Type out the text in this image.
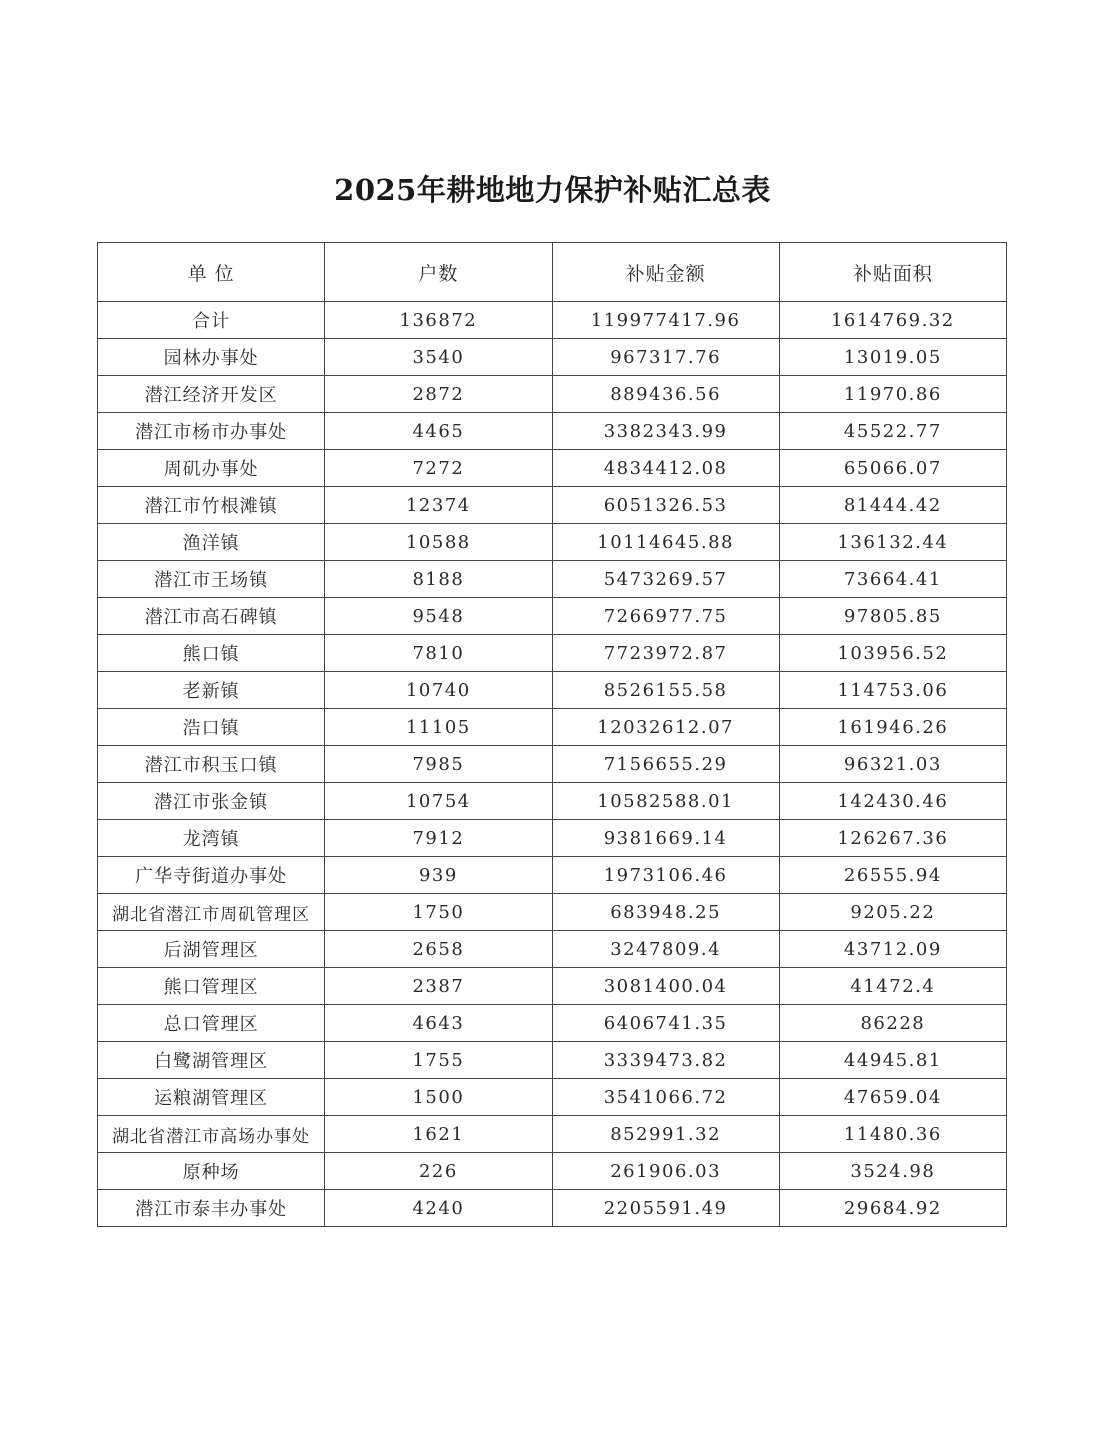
2025年耕地地力保护补贴汇总表
单 位	户数	补贴金额	补贴面积
合计	136872	119977417.96	1614769.32
园林办事处	3540	967317.76	13019.05
潜江经济开发区	2872	889436.56	11970.86
潜江市杨市办事处	4465	3382343.99	45522.77
周矶办事处	7272	4834412.08	65066.07
潜江市竹根滩镇	12374	6051326.53	81444.42
渔洋镇	10588	10114645.88	136132.44
潜江市王场镇	8188	5473269.57	73664.41
潜江市高石碑镇	9548	7266977.75	97805.85
熊口镇	7810	7723972.87	103956.52
老新镇	10740	8526155.58	114753.06
浩口镇	11105	12032612.07	161946.26
潜江市积玉口镇	7985	7156655.29	96321.03
潜江市张金镇	10754	10582588.01	142430.46
龙湾镇	7912	9381669.14	126267.36
广华寺街道办事处	939	1973106.46	26555.94
湖北省潜江市周矶管理区	1750	683948.25	9205.22
后湖管理区	2658	3247809.4	43712.09
熊口管理区	2387	3081400.04	41472.4
总口管理区	4643	6406741.35	86228
白鹭湖管理区	1755	3339473.82	44945.81
运粮湖管理区	1500	3541066.72	47659.04
湖北省潜江市高场办事处	1621	852991.32	11480.36
原种场	226	261906.03	3524.98
潜江市泰丰办事处	4240	2205591.49	29684.92
